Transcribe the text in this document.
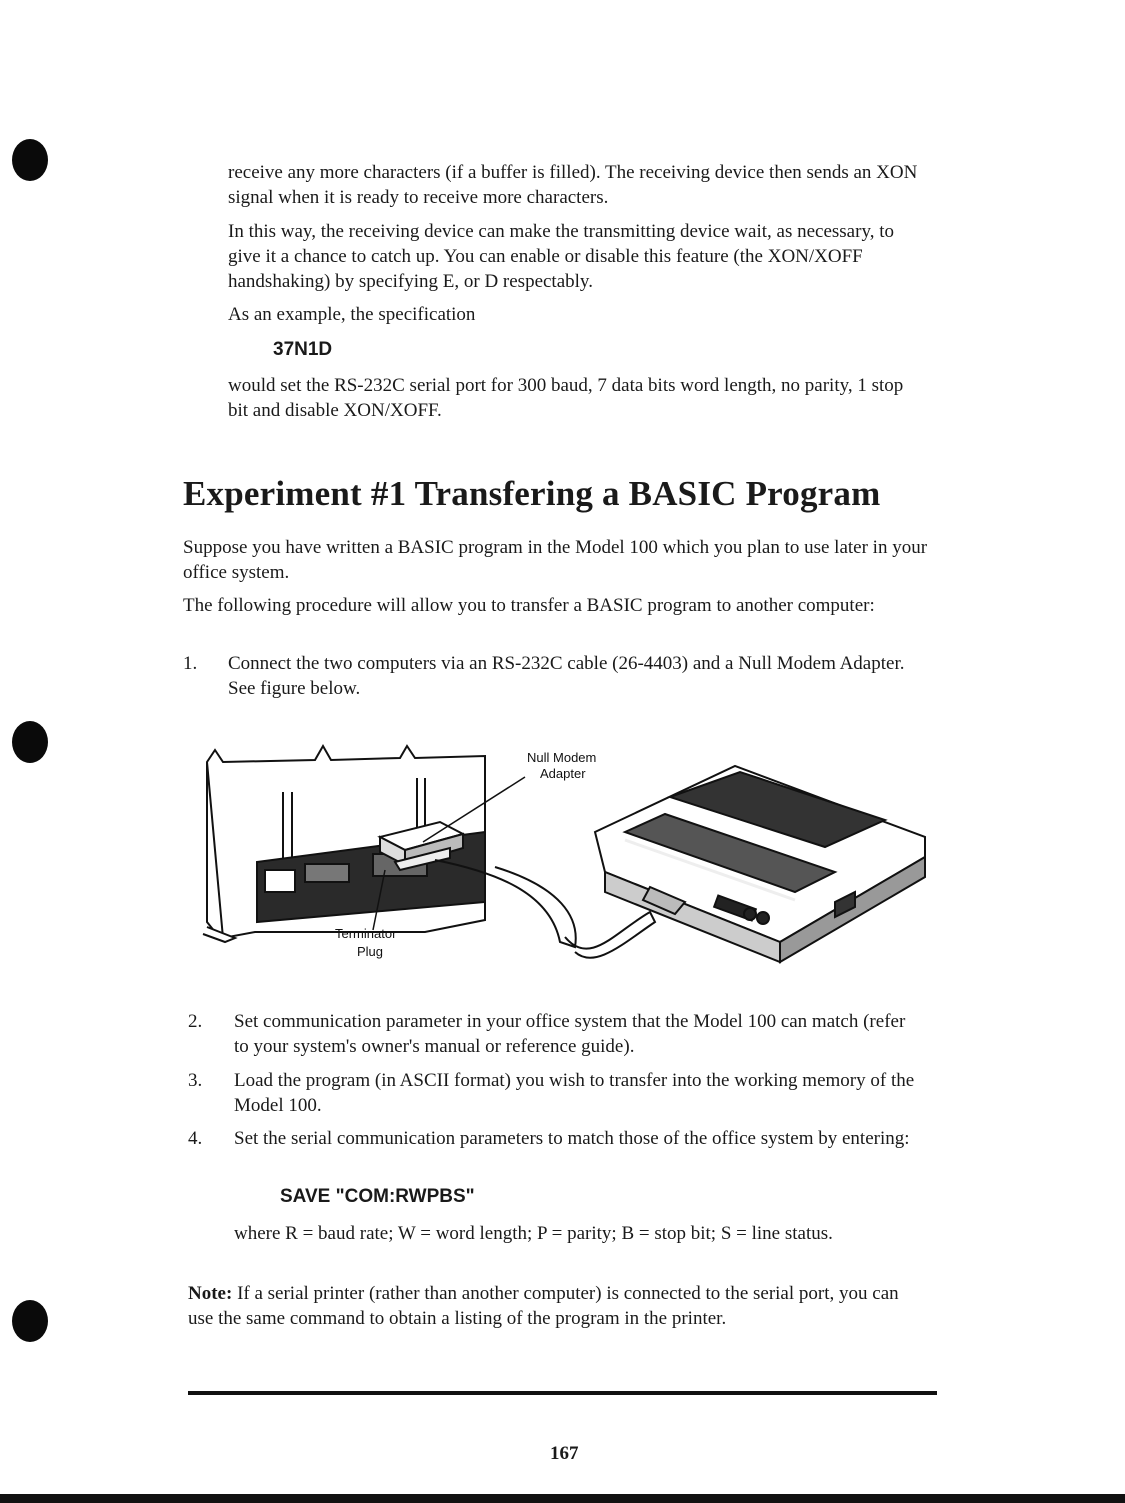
receive any more characters (if a buffer is filled). The receiving device then sends an XON signal when it is ready to receive more characters.

In this way, the receiving device can make the transmitting device wait, as necessary, to give it a chance to catch up. You can enable or disable this feature (the XON/XOFF handshaking) by specifying E, or D respectably.

As an example, the specification

37N1D

would set the RS-232C serial port for 300 baud, 7 data bits word length, no parity, 1 stop bit and disable XON/XOFF.

Experiment #1 Transfering a BASIC Program

Suppose you have written a BASIC program in the Model 100 which you plan to use later in your office system.

The following procedure will allow you to transfer a BASIC program to another computer:

1. Connect the two computers via an RS-232C cable (26-4403) and a Null Modem Adapter. See figure below.

Null Modem
Adapter
Terminator
Plug
2. Set communication parameter in your office system that the Model 100 can match (refer to your system's owner's manual or reference guide).

3. Load the program (in ASCII format) you wish to transfer into the working memory of the Model 100.

4. Set the serial communication parameters to match those of the office system by entering:

SAVE "COM:RWPBS"

where R = baud rate; W = word length; P = parity; B = stop bit; S = line status.

Note: If a serial printer (rather than another computer) is connected to the serial port, you can use the same command to obtain a listing of the program in the printer.

167
